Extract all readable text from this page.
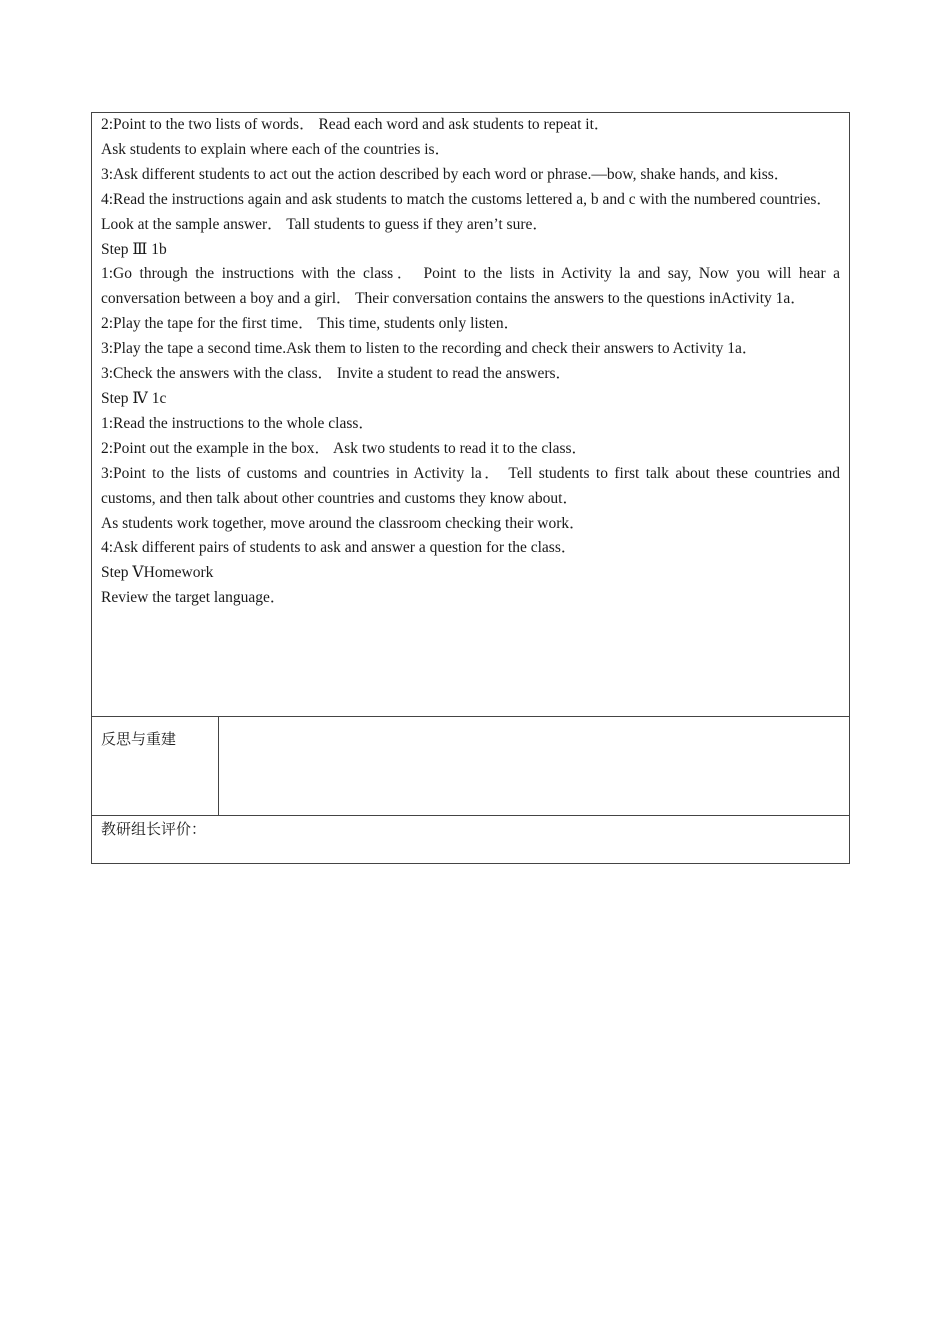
2:Point to the two lists of words． Read each word and ask students to repeat it．

Ask students to explain where each of the countries is．

3:Ask different students to act out the action described by each word or phrase.—bow, shake hands, and kiss．

4:Read the instructions again and ask students to match the customs lettered a, b and c with the numbered countries．

Look at the sample answer． Tall students to guess if they aren’t sure．

Step Ⅲ 1b

1:Go through the instructions with the class． Point to the lists in Activity la and say, Now you will hear a conversation between a boy and a girl． Their conversation contains the answers to the questions inActivity 1a．

2:Play the tape for the first time． This time, students only listen．

3:Play the tape a second time.Ask them to listen to the recording and check their answers to Activity 1a．

3:Check the answers with the class． Invite a student to read the answers．

Step Ⅳ 1c

1:Read the instructions to the whole class．

2:Point out the example in the box． Ask two students to read it to the class．

3:Point to the lists of customs and countries in Activity la． Tell students to first talk about these countries and customs, and then talk about other countries and customs they know about．

As students work together, move around the classroom checking their work．

4:Ask different pairs of students to ask and answer a question for the class．

Step ⅤHomework

Review the target language．

反思与重建	
教研组长评价：
